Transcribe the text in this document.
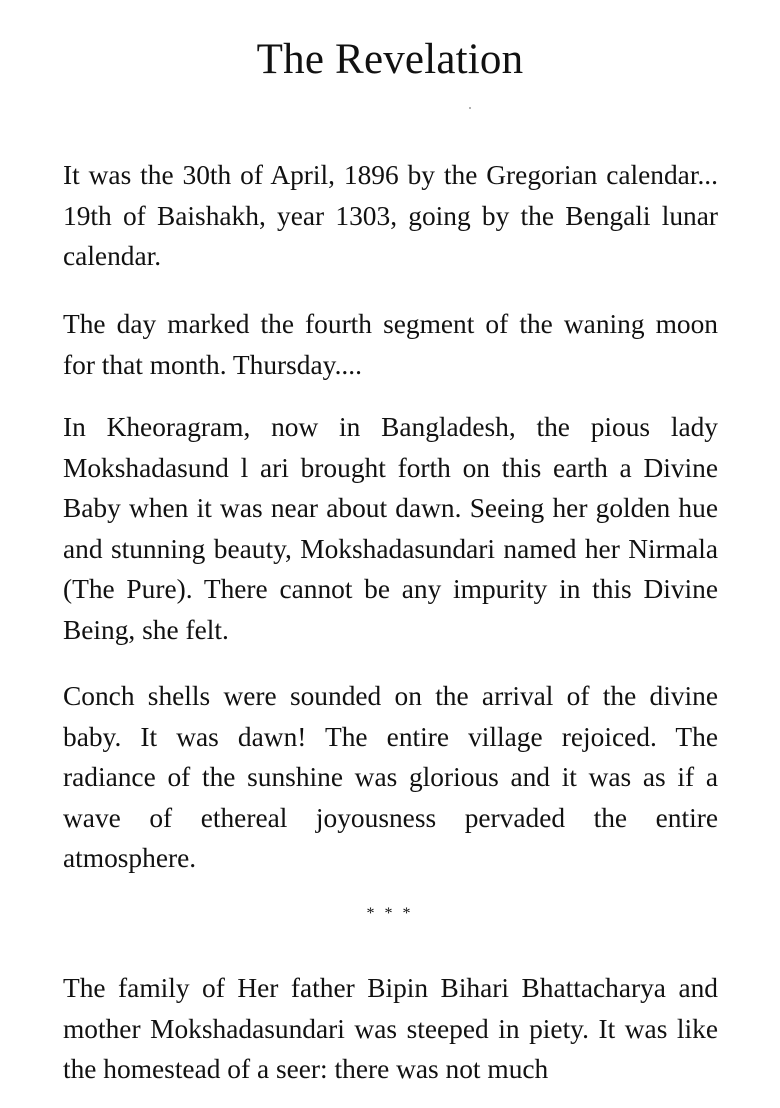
The Revelation

It was the 30th of April, 1896 by the Gregorian calendar... 19th of Baishakh, year 1303, going by the Bengali lunar calendar.

The day marked the fourth segment of the waning moon for that month. Thursday....

In Kheoragram, now in Bangladesh, the pious lady Mokshadasund l ari brought forth on this earth a Divine Baby when it was near about dawn. Seeing her golden hue and stunning beauty, Mokshadasundari named her Nirmala (The Pure). There cannot be any impurity in this Divine Being, she felt.

Conch shells were sounded on the arrival of the divine baby. It was dawn! The entire village rejoiced. The radiance of the sunshine was glorious and it was as if a wave of ethereal joyousness pervaded the entire atmosphere.

* * *

The family of Her father Bipin Bihari Bhattacharya and mother Mokshadasundari was steeped in piety. It was like the homestead of a seer: there was not much
